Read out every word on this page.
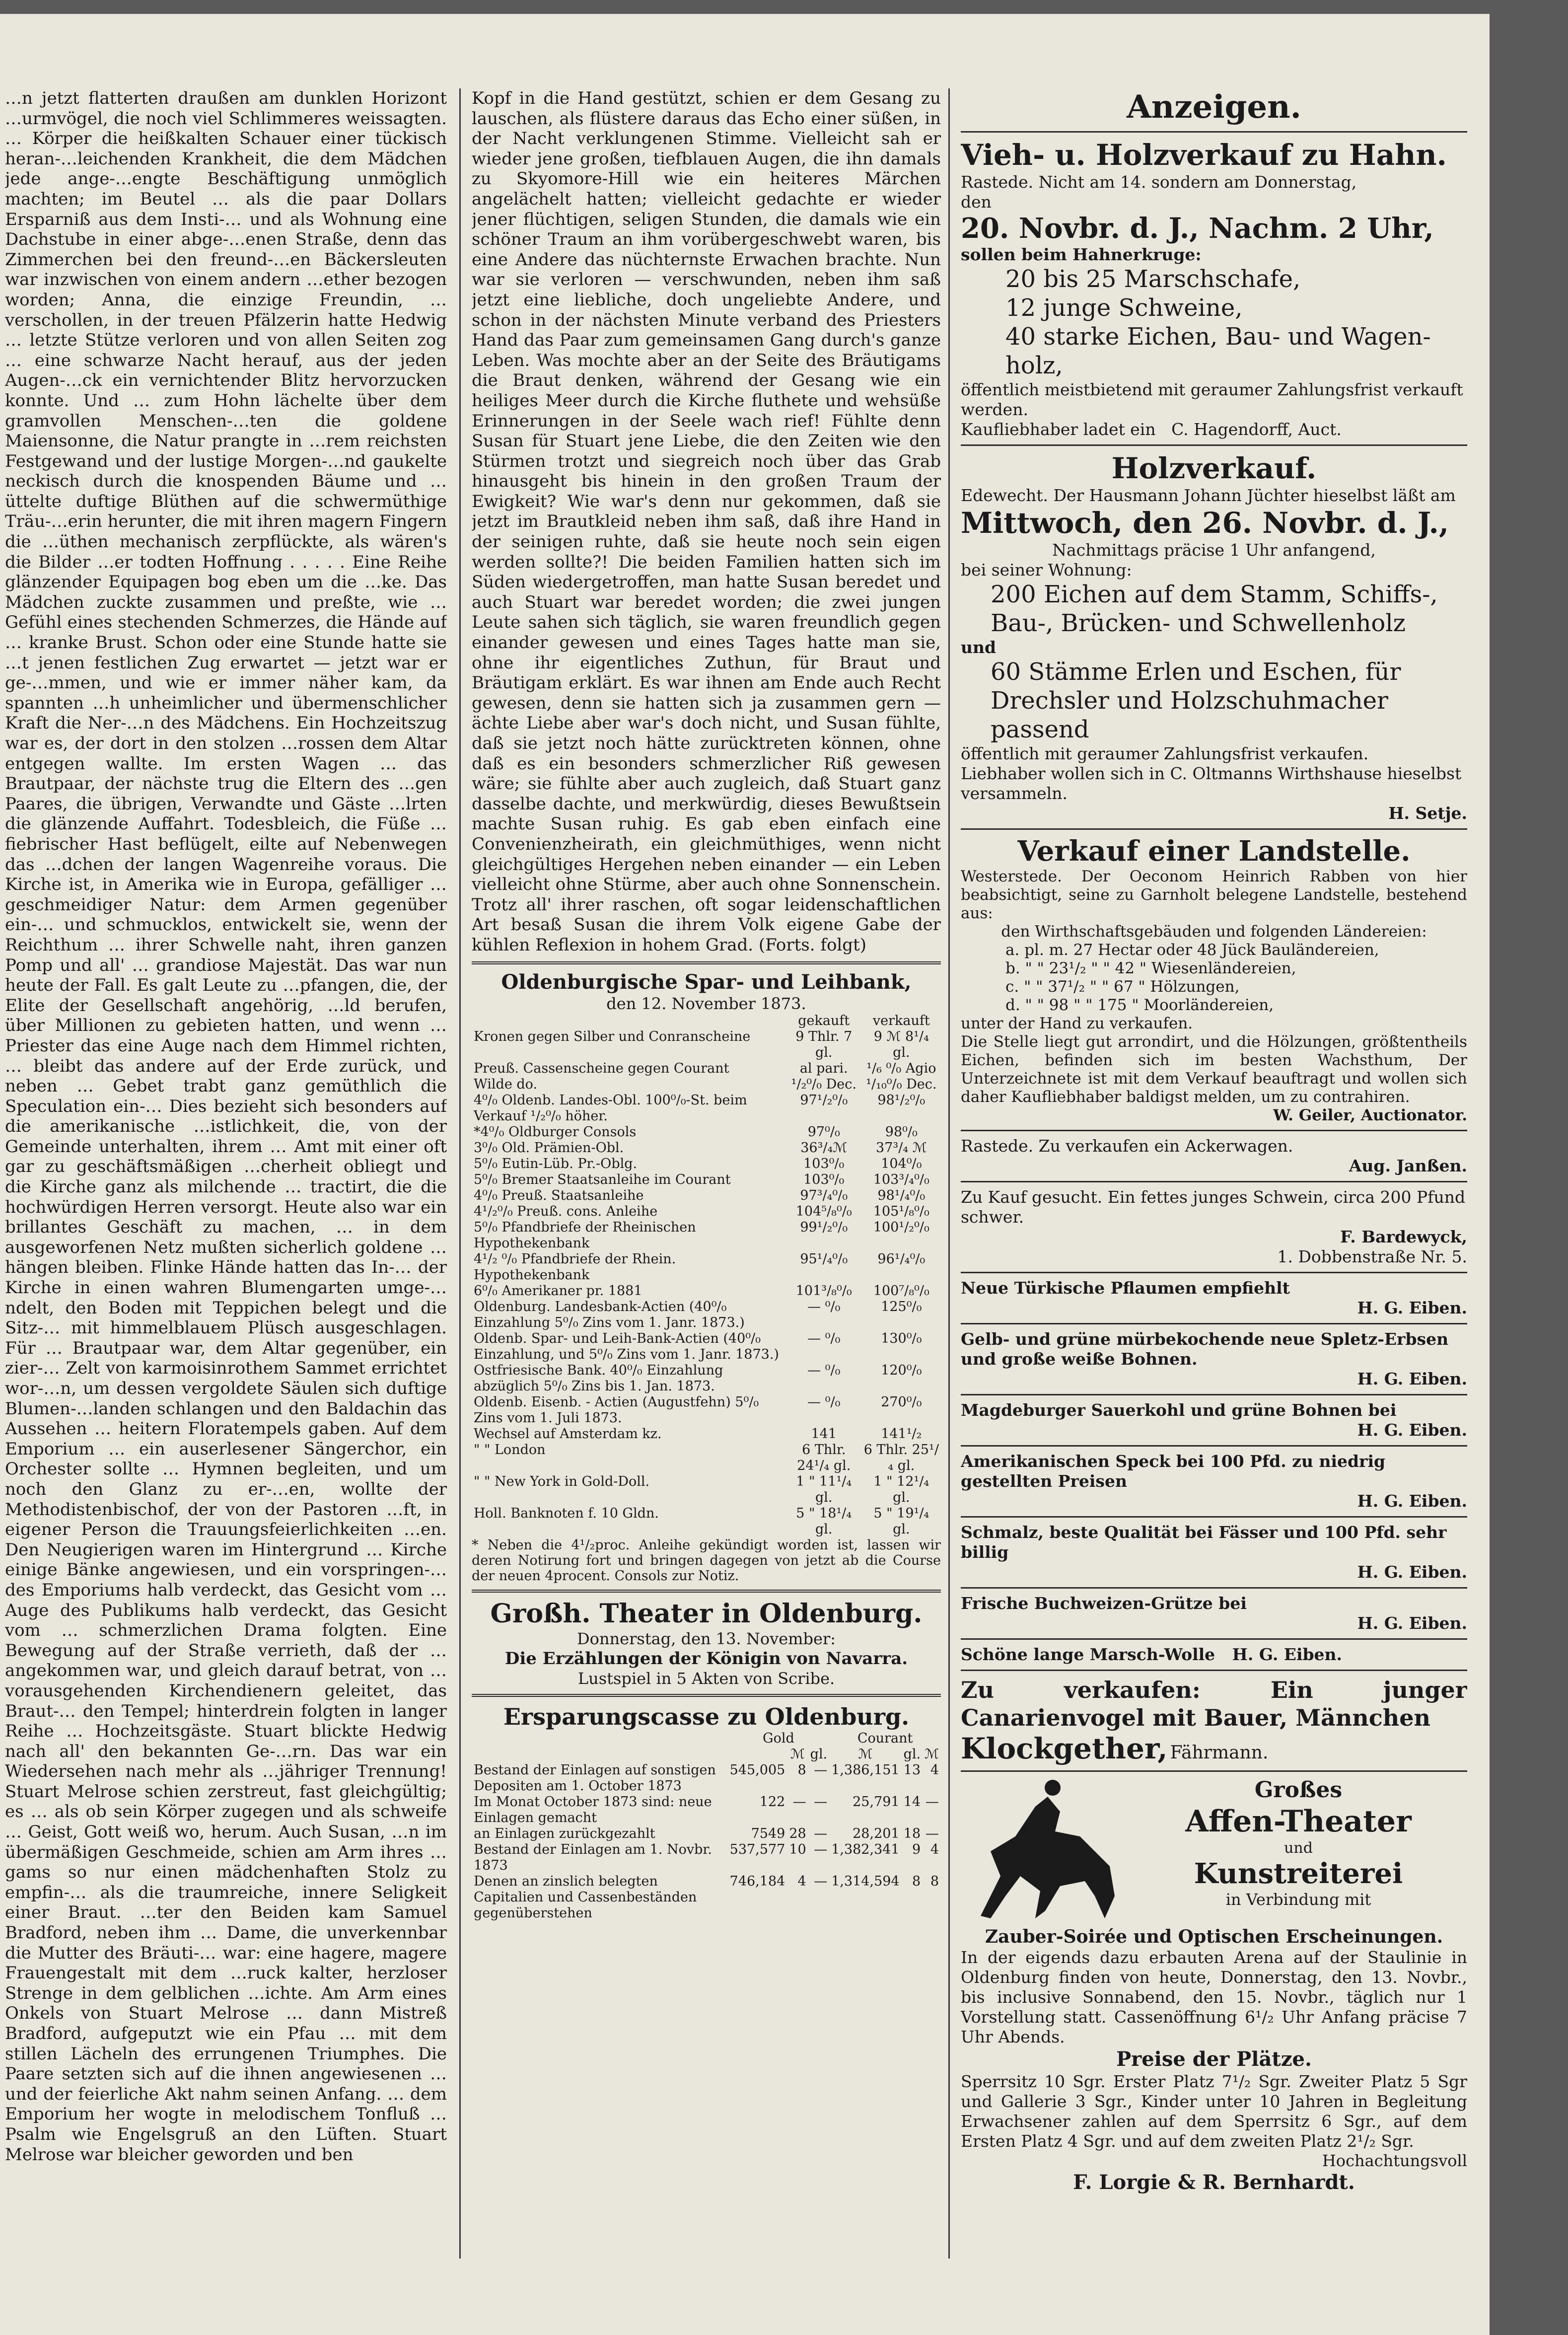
…n jetzt flatterten draußen am dunklen Horizont …urmvögel, die noch viel Schlimmeres weissagten. … Körper die heißkalten Schauer einer tückisch heran-…leichenden Krankheit, die dem Mädchen jede ange-…engte Beschäftigung unmöglich machten; im Beutel … als die paar Dollars Ersparniß aus dem Insti-… und als Wohnung eine Dachstube in einer abge-…enen Straße, denn das Zimmerchen bei den freund-…en Bäckersleuten war inzwischen von einem andern …ether bezogen worden; Anna, die einzige Freundin, … verschollen, in der treuen Pfälzerin hatte Hedwig … letzte Stütze verloren und von allen Seiten zog … eine schwarze Nacht herauf, aus der jeden Augen-…ck ein vernichtender Blitz hervorzucken konnte. Und … zum Hohn lächelte über dem gramvollen Menschen-…ten die goldene Maiensonne, die Natur prangte in …rem reichsten Festgewand und der lustige Morgen-…nd gaukelte neckisch durch die knospenden Bäume und …üttelte duftige Blüthen auf die schwermüthige Träu-…erin herunter, die mit ihren magern Fingern die …üthen mechanisch zerpflückte, als wären's die Bilder …er todten Hoffnung . . . . . Eine Reihe glänzender Equipagen bog eben um die …ke. Das Mädchen zuckte zusammen und preßte, wie … Gefühl eines stechenden Schmerzes, die Hände auf … kranke Brust. Schon oder eine Stunde hatte sie …t jenen festlichen Zug erwartet — jetzt war er ge-…mmen, und wie er immer näher kam, da spannten …h unheimlicher und übermenschlicher Kraft die Ner-…n des Mädchens. Ein Hochzeitszug war es, der dort in den stolzen …rossen dem Altar entgegen wallte. Im ersten Wagen … das Brautpaar, der nächste trug die Eltern des …gen Paares, die übrigen, Verwandte und Gäste …lrten die glänzende Auffahrt. Todesbleich, die Füße … fiebrischer Hast beflügelt, eilte auf Nebenwegen das …dchen der langen Wagenreihe voraus. Die Kirche ist, in Amerika wie in Europa, gefälliger … geschmeidiger Natur: dem Armen gegenüber ein-… und schmucklos, entwickelt sie, wenn der Reichthum … ihrer Schwelle naht, ihren ganzen Pomp und all' … grandiose Majestät. Das war nun heute der Fall. Es galt Leute zu …pfangen, die, der Elite der Gesellschaft angehörig, …ld berufen, über Millionen zu gebieten hatten, und wenn … Priester das eine Auge nach dem Himmel richten, … bleibt das andere auf der Erde zurück, und neben … Gebet trabt ganz gemüthlich die Speculation ein-… Dies bezieht sich besonders auf die amerikanische …istlichkeit, die, von der Gemeinde unterhalten, ihrem … Amt mit einer oft gar zu geschäftsmäßigen …cherheit obliegt und die Kirche ganz als milchende … tractirt, die die hochwürdigen Herren versorgt. Heute also war ein brillantes Geschäft zu machen, … in dem ausgeworfenen Netz mußten sicherlich goldene … hängen bleiben. Flinke Hände hatten das In-… der Kirche in einen wahren Blumengarten umge-…ndelt, den Boden mit Teppichen belegt und die Sitz-… mit himmelblauem Plüsch ausgeschlagen. Für … Brautpaar war, dem Altar gegenüber, ein zier-… Zelt von karmoisinrothem Sammet errichtet wor-…n, um dessen vergoldete Säulen sich duftige Blumen-…landen schlangen und den Baldachin das Aussehen … heitern Floratempels gaben. Auf dem Emporium … ein auserlesener Sängerchor, ein Orchester sollte … Hymnen begleiten, und um noch den Glanz zu er-…en, wollte der Methodistenbischof, der von der Pastoren …ft, in eigener Person die Trauungsfeierlichkeiten …en. Den Neugierigen waren im Hintergrund … Kirche einige Bänke angewiesen, und ein vorspringen-… des Emporiums halb verdeckt, das Gesicht vom … Auge des Publikums halb verdeckt, das Gesicht vom … schmerzlichen Drama folgten. Eine Bewegung auf der Straße verrieth, daß der … angekommen war, und gleich darauf betrat, von … vorausgehenden Kirchendienern geleitet, das Braut-… den Tempel; hinterdrein folgten in langer Reihe … Hochzeitsgäste. Stuart blickte Hedwig nach all' den bekannten Ge-…rn. Das war ein Wiedersehen nach mehr als …jähriger Trennung! Stuart Melrose schien zerstreut, fast gleichgültig; es … als ob sein Körper zugegen und als schweife … Geist, Gott weiß wo, herum. Auch Susan, …n im übermäßigen Geschmeide, schien am Arm ihres …gams so nur einen mädchenhaften Stolz zu empfin-… als die traumreiche, innere Seligkeit einer Braut. …ter den Beiden kam Samuel Bradford, neben ihm … Dame, die unverkennbar die Mutter des Bräuti-… war: eine hagere, magere Frauengestalt mit dem …ruck kalter, herzloser Strenge in dem gelblichen …ichte. Am Arm eines Onkels von Stuart Melrose … dann Mistreß Bradford, aufgeputzt wie ein Pfau … mit dem stillen Lächeln des errungenen Triumphes. Die Paare setzten sich auf die ihnen angewiesenen … und der feierliche Akt nahm seinen Anfang. … dem Emporium her wogte in melodischem Tonfluß … Psalm wie Engelsgruß an den Lüften. Stuart Melrose war bleicher geworden und ben

Kopf in die Hand gestützt, schien er dem Gesang zu lauschen, als flüstere daraus das Echo einer süßen, in der Nacht verklungenen Stimme. Vielleicht sah er wieder jene großen, tiefblauen Augen, die ihn damals zu Skyomore-Hill wie ein heiteres Märchen angelächelt hatten; vielleicht gedachte er wieder jener flüchtigen, seligen Stunden, die damals wie ein schöner Traum an ihm vorübergeschwebt waren, bis eine Andere das nüchternste Erwachen brachte. Nun war sie verloren — verschwunden, neben ihm saß jetzt eine liebliche, doch ungeliebte Andere, und schon in der nächsten Minute verband des Priesters Hand das Paar zum gemeinsamen Gang durch's ganze Leben. Was mochte aber an der Seite des Bräutigams die Braut denken, während der Gesang wie ein heiliges Meer durch die Kirche fluthete und wehsüße Erinnerungen in der Seele wach rief! Fühlte denn Susan für Stuart jene Liebe, die den Zeiten wie den Stürmen trotzt und siegreich noch über das Grab hinausgeht bis hinein in den großen Traum der Ewigkeit? Wie war's denn nur gekommen, daß sie jetzt im Brautkleid neben ihm saß, daß ihre Hand in der seinigen ruhte, daß sie heute noch sein eigen werden sollte?! Die beiden Familien hatten sich im Süden wiedergetroffen, man hatte Susan beredet und auch Stuart war beredet worden; die zwei jungen Leute sahen sich täglich, sie waren freundlich gegen einander gewesen und eines Tages hatte man sie, ohne ihr eigentliches Zuthun, für Braut und Bräutigam erklärt. Es war ihnen am Ende auch Recht gewesen, denn sie hatten sich ja zusammen gern — ächte Liebe aber war's doch nicht, und Susan fühlte, daß sie jetzt noch hätte zurücktreten können, ohne daß es ein besonders schmerzlicher Riß gewesen wäre; sie fühlte aber auch zugleich, daß Stuart ganz dasselbe dachte, und merkwürdig, dieses Bewußtsein machte Susan ruhig. Es gab eben einfach eine Convenienzheirath, ein gleichmüthiges, wenn nicht gleichgültiges Hergehen neben einander — ein Leben vielleicht ohne Stürme, aber auch ohne Sonnenschein. Trotz all' ihrer raschen, oft sogar leidenschaftlichen Art besaß Susan die ihrem Volk eigene Gabe der kühlen Reflexion in hohem Grad. (Forts. folgt)

Oldenburgische Spar- und Leihbank,

den 12. November 1873.

	gekauft	verkauft
Kronen gegen Silber und Conranscheine	9 Thlr. 7 gl.	9 ℳ 8¹/₄ gl.
Preuß. Cassenscheine gegen Courant	al pari.	¹/₆ ⁰/₀ Agio
Wilde do.	¹/₂⁰/₀ Dec.	¹/₁₀⁰/₀ Dec.
4⁰/₀ Oldenb. Landes-Obl. 100⁰/₀-St. beim Verkauf ¹/₂⁰/₀ höher.	97¹/₂⁰/₀	98¹/₂⁰/₀
*4⁰/₀ Oldburger Consols	97⁰/₀	98⁰/₀
3⁰/₀ Old. Prämien-Obl.	36³/₄ℳ	37³/₄ ℳ
5⁰/₀ Eutin-Lüb. Pr.-Oblg.	103⁰/₀	104⁰/₀
5⁰/₀ Bremer Staatsanleihe im Courant	103⁰/₀	103³/₄⁰/₀
4⁰/₀ Preuß. Staatsanleihe	97³/₄⁰/₀	98¹/₄⁰/₀
4¹/₂⁰/₀ Preuß. cons. Anleihe	104⁵/₈⁰/₀	105¹/₈⁰/₀
5⁰/₀ Pfandbriefe der Rheinischen Hypothekenbank	99¹/₂⁰/₀	100¹/₂⁰/₀
4¹/₂ ⁰/₀ Pfandbriefe der Rhein. Hypothekenbank	95¹/₄⁰/₀	96¹/₄⁰/₀
6⁰/₀ Amerikaner pr. 1881	101³/₈⁰/₀	100⁷/₈⁰/₀
Oldenburg. Landesbank-Actien (40⁰/₀ Einzahlung 5⁰/₀ Zins vom 1. Janr. 1873.)	— ⁰/₀	125⁰/₀
Oldenb. Spar- und Leih-Bank-Actien (40⁰/₀ Einzahlung, und 5⁰/₀ Zins vom 1. Janr. 1873.)	— ⁰/₀	130⁰/₀
Ostfriesische Bank. 40⁰/₀ Einzahlung abzüglich 5⁰/₀ Zins bis 1. Jan. 1873.	— ⁰/₀	120⁰/₀
Oldenb. Eisenb. - Actien (Augustfehn) 5⁰/₀ Zins vom 1. Juli 1873.	— ⁰/₀	270⁰/₀
Wechsel auf Amsterdam kz.	141	141¹/₂
" " London	6 Thlr. 24¹/₄ gl.	6 Thlr. 25¹/₄ gl.
" " New York in Gold-Doll.	1 " 11¹/₄ gl.	1 " 12¹/₄ gl.
Holl. Banknoten f. 10 Gldn.	5 " 18¹/₄ gl.	5 " 19¹/₄ gl.

* Neben die 4¹/₂proc. Anleihe gekündigt worden ist, lassen wir deren Notirung fort und bringen dagegen von jetzt ab die Course der neuen 4procent. Consols zur Notiz.

Großh. Theater in Oldenburg.

Donnerstag, den 13. November:

Die Erzählungen der Königin von Navarra.

Lustspiel in 5 Akten von Scribe.

Ersparungscasse zu Oldenburg.

	Gold			Courant		
		ℳ	gl.	ℳ	gl.	ℳ
Bestand der Einlagen auf sonstigen Depositen am 1. October 1873	545,005	8	—	1,386,151	13	4
Im Monat October 1873 sind: neue Einlagen gemacht	122	—	—	25,791	14	—
an Einlagen zurückgezahlt	7549	28	—	28,201	18	—
Bestand der Einlagen am 1. Novbr. 1873	537,577	10	—	1,382,341	9	4
Denen an zinslich belegten Capitalien und Cassenbeständen gegenüberstehen	746,184	4	—	1,314,594	8	8

Anzeigen.

Vieh- u. Holzverkauf zu Hahn.

Rastede. Nicht am 14. sondern am Donnerstag,

den

20. Novbr. d. J., Nachm. 2 Uhr,

sollen beim Hahnerkruge:

20 bis 25 Marschschafe,

12 junge Schweine,

40 starke Eichen, Bau- und Wagen-

holz,

öffentlich meistbietend mit geraumer Zahlungsfrist verkauft werden.

Kaufliebhaber ladet ein C. Hagendorff, Auct.

Holzverkauf.

Edewecht. Der Hausmann Johann Jüchter hieselbst läßt am

Mittwoch, den 26. Novbr. d. J.,

Nachmittags präcise 1 Uhr anfangend,

bei seiner Wohnung:

200 Eichen auf dem Stamm, Schiffs-, Bau-, Brücken- und Schwellenholz

und

60 Stämme Erlen und Eschen, für Drechsler und Holzschuhmacher passend

öffentlich mit geraumer Zahlungsfrist verkaufen.

Liebhaber wollen sich in C. Oltmanns Wirthshause hieselbst versammeln.

H. Setje.

Verkauf einer Landstelle.

Westerstede. Der Oeconom Heinrich Rabben von hier beabsichtigt, seine zu Garnholt belegene Landstelle, bestehend aus:

den Wirthschaftsgebäuden und folgenden Ländereien:

a. pl. m. 27 Hectar oder 48 Jück Bauländereien,

b. " " 23¹/₂ " " 42 " Wiesenländereien,

c. " " 37¹/₂ " " 67 " Hölzungen,

d. " " 98 " " 175 " Moorländereien,

unter der Hand zu verkaufen.

Die Stelle liegt gut arrondirt, und die Hölzungen, größtentheils Eichen, befinden sich im besten Wachsthum, Der Unterzeichnete ist mit dem Verkauf beauftragt und wollen sich daher Kaufliebhaber baldigst melden, um zu contrahiren.

W. Geiler, Auctionator.

Rastede. Zu verkaufen ein Ackerwagen.

Aug. Janßen.

Zu Kauf gesucht. Ein fettes junges Schwein, circa 200 Pfund schwer.

F. Bardewyck,

1. Dobbenstraße Nr. 5.

Neue Türkische Pflaumen empfiehlt

H. G. Eiben.

Gelb- und grüne mürbekochende neue Spletz-Erbsen und große weiße Bohnen.

H. G. Eiben.

Magdeburger Sauerkohl und grüne Bohnen bei

H. G. Eiben.

Amerikanischen Speck bei 100 Pfd. zu niedrig gestellten Preisen

H. G. Eiben.

Schmalz, beste Qualität bei Fässer und 100 Pfd. sehr billig

H. G. Eiben.

Frische Buchweizen-Grütze bei

H. G. Eiben.

Schöne lange Marsch-Wolle H. G. Eiben.

Zu verkaufen: Ein junger Canarienvogel mit Bauer, Männchen

Klockgether, Fährmann.

Großes

Affen-Theater

und

Kunstreiterei

in Verbindung mit

Zauber-Soirée und Optischen Erscheinungen.

In der eigends dazu erbauten Arena auf der Staulinie in Oldenburg finden von heute, Donnerstag, den 13. Novbr., bis inclusive Sonnabend, den 15. Novbr., täglich nur 1 Vorstellung statt. Cassenöffnung 6¹/₂ Uhr Anfang präcise 7 Uhr Abends.

Preise der Plätze.

Sperrsitz 10 Sgr. Erster Platz 7¹/₂ Sgr. Zweiter Platz 5 Sgr und Gallerie 3 Sgr., Kinder unter 10 Jahren in Begleitung Erwachsener zahlen auf dem Sperrsitz 6 Sgr., auf dem Ersten Platz 4 Sgr. und auf dem zweiten Platz 2¹/₂ Sgr.

Hochachtungsvoll

F. Lorgie & R. Bernhardt.
